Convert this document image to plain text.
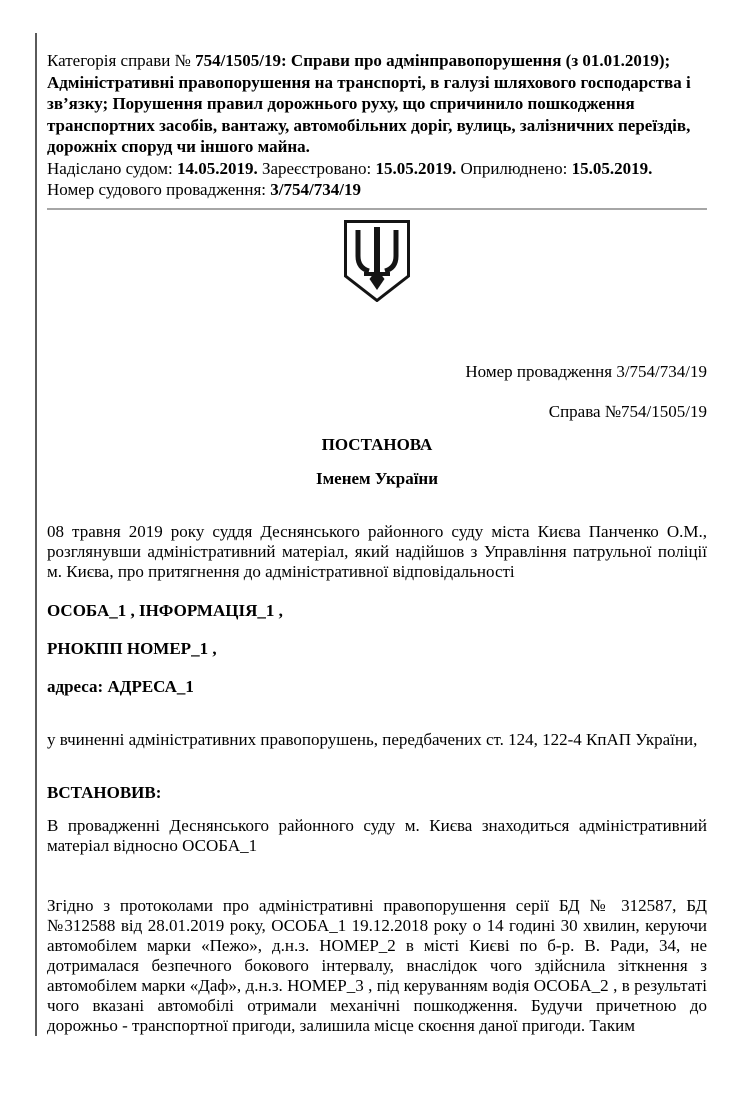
Категорія справи № 754/1505/19: Справи про адмінправопорушення (з 01.01.2019); Адміністративні правопорушення на транспорті, в галузі шляхового господарства і зв’язку; Порушення правил дорожнього руху, що спричинило пошкодження транспортних засобів, вантажу, автомобільних доріг, вулиць, залізничних переїздів, дорожніх споруд чи іншого майна.

Надіслано судом: 14.05.2019. Зареєстровано: 15.05.2019. Оприлюднено: 15.05.2019.

Номер судового провадження: 3/754/734/19

Номер провадження 3/754/734/19

Справа №754/1505/19

ПОСТАНОВА

Іменем України

08 травня 2019 року суддя Деснянського районного суду міста Києва Панченко О.М., розглянувши адміністративний матеріал, який надійшов з Управління патрульної поліції м. Києва, про притягнення до адміністративної відповідальності

ОСОБА_1 , ІНФОРМАЦІЯ_1 ,

РНОКПП НОМЕР_1 ,

адреса: АДРЕСА_1

у вчиненні адміністративних правопорушень, передбачених ст. 124, 122-4 КпАП України,

ВСТАНОВИВ:

В провадженні Деснянського районного суду м. Києва знаходиться адміністративний матеріал відносно ОСОБА_1

Згідно з протоколами про адміністративні правопорушення серії БД № 312587, БД №312588 від 28.01.2019 року, ОСОБА_1 19.12.2018 року о 14 годині 30 хвилин, керуючи автомобілем марки «Пежо», д.н.з. НОМЕР_2 в місті Києві по б-р. В. Ради, 34, не дотрималася безпечного бокового інтервалу, внаслідок чого здійснила зіткнення з автомобілем марки «Даф», д.н.з. НОМЕР_3 , під керуванням водія ОСОБА_2 , в результаті чого вказані автомобілі отримали механічні пошкодження. Будучи причетною до дорожньо - транспортної пригоди, залишила місце скоєння даної пригоди. Таким
